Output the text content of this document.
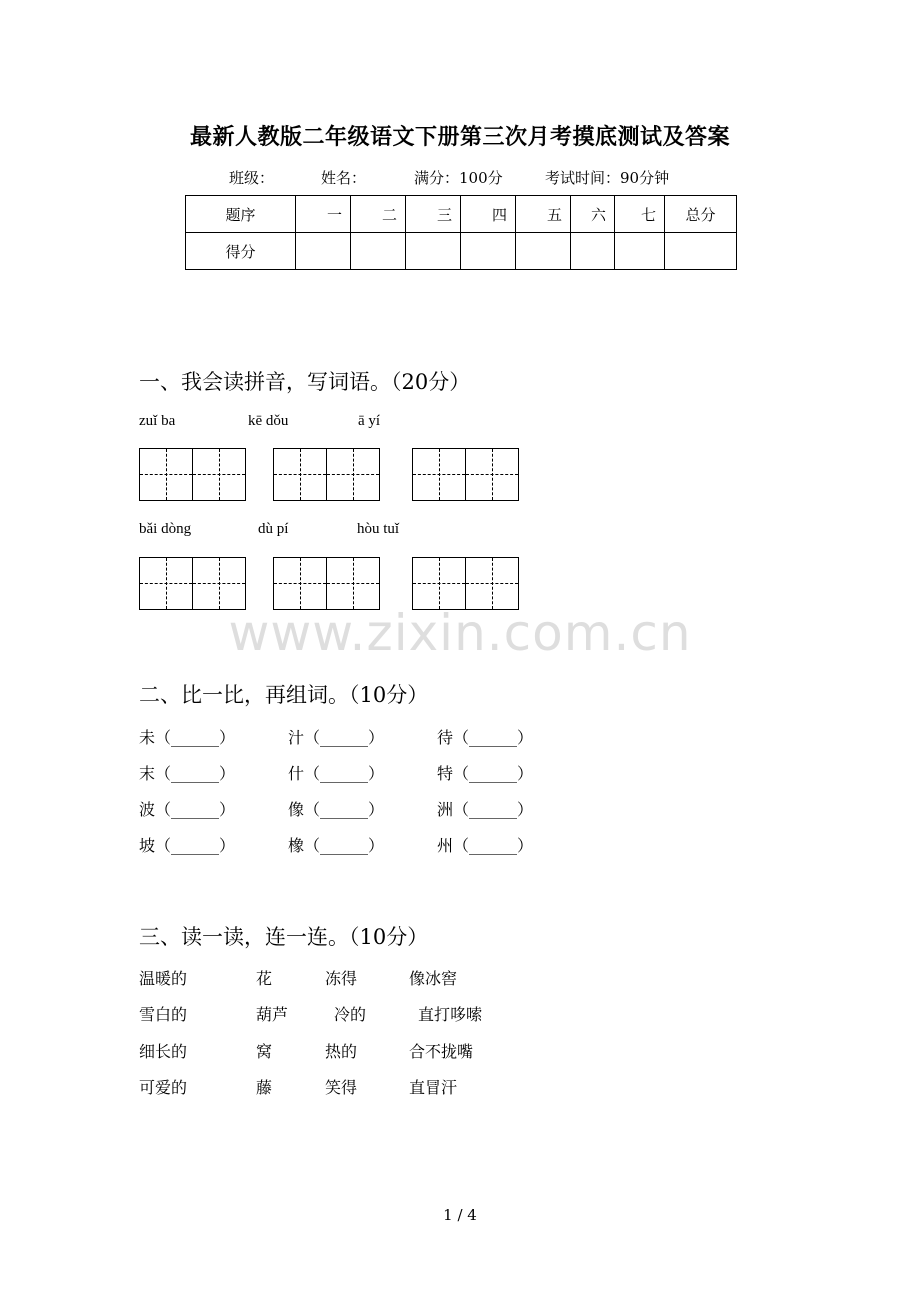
最新人教版二年级语文下册第三次月考摸底测试及答案
班级：	姓名：	满分：100分	考试时间：90分钟
题序	一	二	三	四	五	六	七	总分
得分								
一、我会读拼音，写词语。（20分）
zuǐ ba	kē dǒu	ā yí
bǎi dòng	dù pí	hòu tuǐ
www.zixin.com.cn
二、比一比，再组词。（10分）
未（______）	汁（______）	待（______）
末（______）	什（______）	特（______）
波（______）	像（______）	洲（______）
坡（______）	橡（______）	州（______）
三、读一读，连一连。（10分）
温暖的	花	冻得	像冰窖
雪白的	葫芦	冷的	直打哆嗦
细长的	窝	热的	合不拢嘴
可爱的	藤	笑得	直冒汗
1 / 4
